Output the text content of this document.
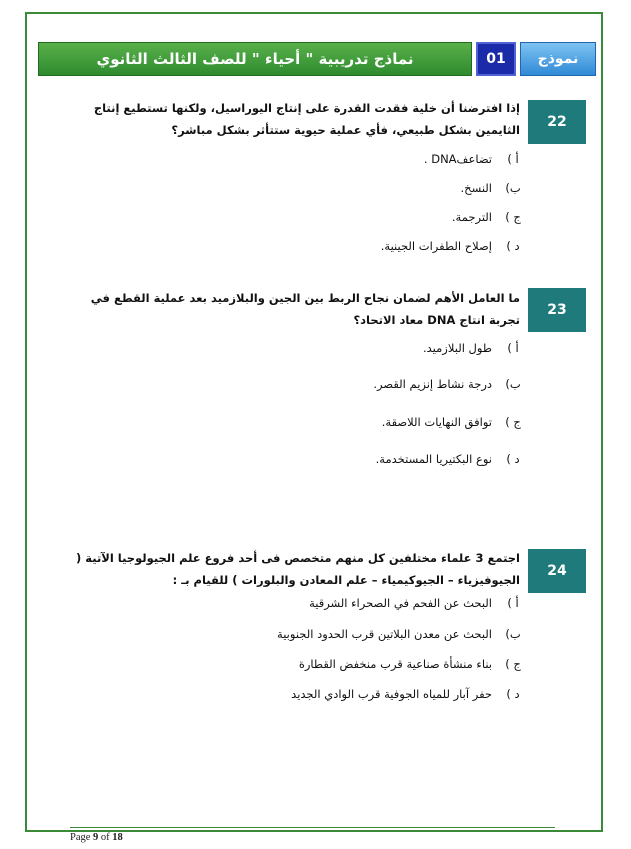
نماذج تدريبية " أحياء " للصف الثالث الثانوي	01	نموذج
22
إذا افترضنا أن خلية فقدت القدرة على إنتاج اليوراسيل، ولكنها تستطيع إنتاج الثايمين بشكل طبيعي، فأي عملية حيوية ستتأثر بشكل مباشر؟
أ )
تضاعفDNA .
ب)
النسخ.
ج )
الترجمة.
د )
إصلاح الطفرات الجينية.
23
ما العامل الأهم لضمان نجاح الربط بين الجين والبلازميد بعد عملية القطع في تجربة انتاج DNA معاد الاتحاد؟
أ )
طول البلازميد.
ب)
درجة نشاط إنزيم القصر.
ج )
توافق النهايات اللاصقة.
د )
نوع البكتيريا المستخدمة.
24
اجتمع 3 علماء مختلفين كل منهم متخصص فى أحد فروع علم الجيولوجيا الآتية ( الجيوفيزياء – الجيوكيمياء – علم المعادن والبلورات ) للقيام بـ :
أ )
البحث عن الفحم في الصحراء الشرقية
ب)
البحث عن معدن البلاتين قرب الحدود الجنوبية
ج )
بناء منشأة صناعية قرب منخفض القطارة
د )
حفر آبار للمياه الجوفية قرب الوادي الجديد
Page 9 of 18
